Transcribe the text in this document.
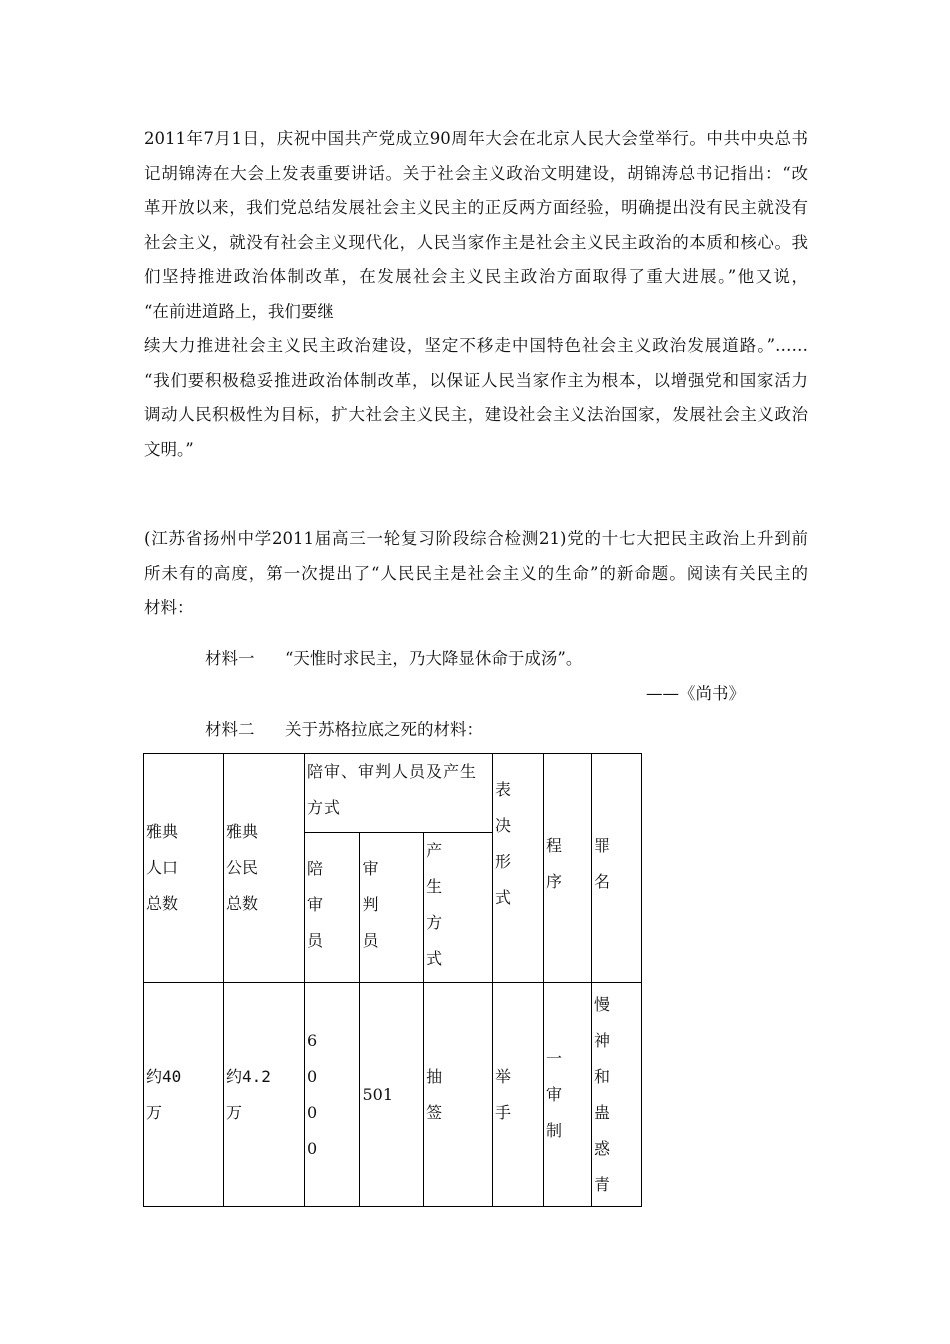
2011年7月1日，庆祝中国共产党成立90周年大会在北京人民大会堂举行。中共中央总书
记胡锦涛在大会上发表重要讲话。关于社会主义政治文明建设，胡锦涛总书记指出：“改
革开放以来，我们党总结发展社会主义民主的正反两方面经验，明确提出没有民主就没有
社会主义，就没有社会主义现代化，人民当家作主是社会主义民主政治的本质和核心。我
们坚持推进政治体制改革，在发展社会主义民主政治方面取得了重大进展。”他又说，
“在前进道路上，我们要继
续大力推进社会主义民主政治建设，坚定不移走中国特色社会主义政治发展道路。”……
“我们要积极稳妥推进政治体制改革，以保证人民当家作主为根本，以增强党和国家活力
调动人民积极性为目标，扩大社会主义民主，建设社会主义法治国家，发展社会主义政治
文明。”
(江苏省扬州中学2011届高三一轮复习阶段综合检测21)党的十七大把民主政治上升到前
所未有的高度，第一次提出了“人民民主是社会主义的生命”的新命题。阅读有关民主的
材料：
材料一 “天惟时求民主，乃大降显休命于成汤”。
——《尚书》
材料二 关于苏格拉底之死的材料：
雅典人口总数	雅典公民总数	陪审、审判人员及产生方式			表决形式	程序	罪名

		陪审员	审判员	产生方式			

约40万	约4.2万	6000	501	抽签	举手	一审制	慢神和蛊惑青
